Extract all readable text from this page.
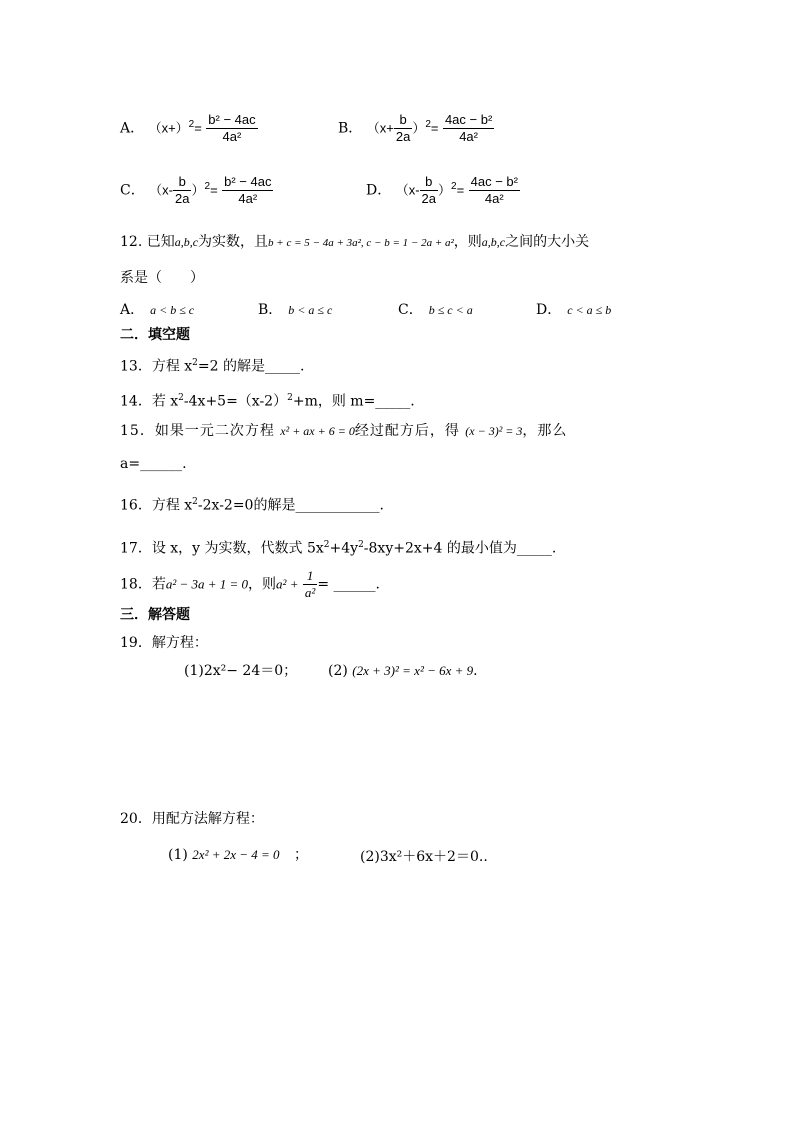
A． $(x+)^2= \frac{\text{b² − 4ac}}{\text{4a²}}$	B． $(x+ \frac{b}{2a} )^2= \frac{\text{4ac − b²}}{\text{4a²}}$
C． $(x- \frac{b}{2a} )^2= \frac{\text{b² − 4ac}}{\text{4a²}}$	D． $(x- \frac{b}{2a} )^2= \frac{\text{4ac − b²}}{\text{4a²}}$
12. 已知a,b,c为实数，且b + c = 5 − 4a + 3a², c − b = 1 − 2a + a²，则a,b,c之间的大小关
系是（　　）
A． a < b ≤ c	B． b < a ≤ c	C． b ≤ c < a	D． c < a ≤ b
二．填空题
13．方程 $x^2=2$ 的解是_____.
14．若 $x^2-4x+5=(x-2)^2+m$，则 m=_____.
15．如果一元二次方程 x² + ax + 6 = 0经过配方后，得 (x − 3)² = 3，那么
a=______.
16．方程 $x^2-2x-2=0$的解是____________.
17．设 x，y 为实数，代数式 $5x^2+4y^2-8xy+2x+4$ 的最小值为_____.
18．若a² − 3a + 1 = 0，则$a^2 + \frac{1}{\text{a²}}$ = ______.
三．解答题
19．解方程：
(1)2x²− 24＝0； (2) (2x + 3)² = x² − 6x + 9.
20．用配方法解方程：
(1) 2x² + 2x − 4 = 0 ；	(2)3x²＋6x＋2＝0..
